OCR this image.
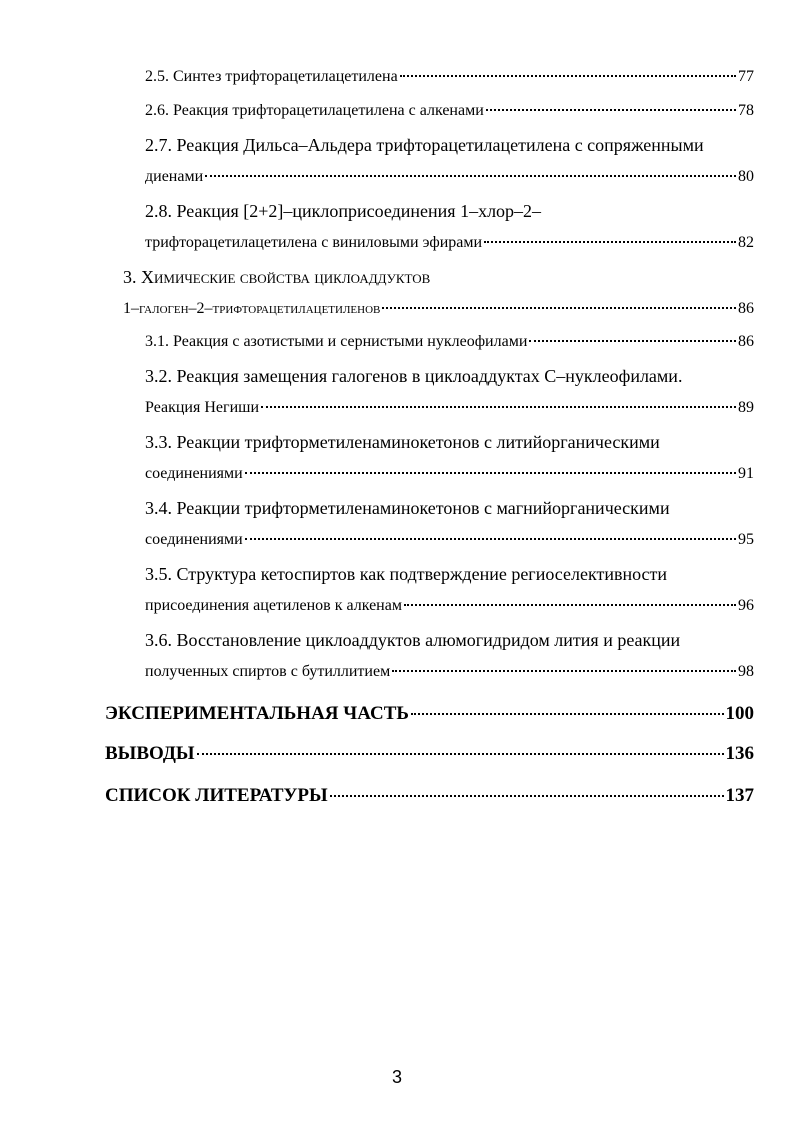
2.5. Синтез трифторацетилацетилена	77
2.6. Реакция трифторацетилацетилена с алкенами	78
2.7. Реакция Дильса–Альдера трифторацетилацетилена с сопряженными
диенами	80
2.8. Реакция [2+2]–циклоприсоединения 1–хлор–2–
трифторацетилацетилена с виниловыми эфирами	82
3. Химические свойства циклоаддуктов
1–галоген–2–трифторацетилацетиленов	86
3.1. Реакция с азотистыми и сернистыми нуклеофилами	86
3.2. Реакция замещения галогенов в циклоаддуктах С–нуклеофилами.
Реакция Негиши	89
3.3. Реакции трифторметиленаминокетонов с литийорганическими
соединениями	91
3.4. Реакции трифторметиленаминокетонов с магнийорганическими
соединениями	95
3.5. Структура кетоспиртов как подтверждение региоселективности
присоединения ацетиленов к алкенам	96
3.6. Восстановление циклоаддуктов алюмогидридом лития и реакции
полученных спиртов с бутиллитием	98
ЭКСПЕРИМЕНТАЛЬНАЯ ЧАСТЬ	100
ВЫВОДЫ	136
СПИСОК ЛИТЕРАТУРЫ	137
3
